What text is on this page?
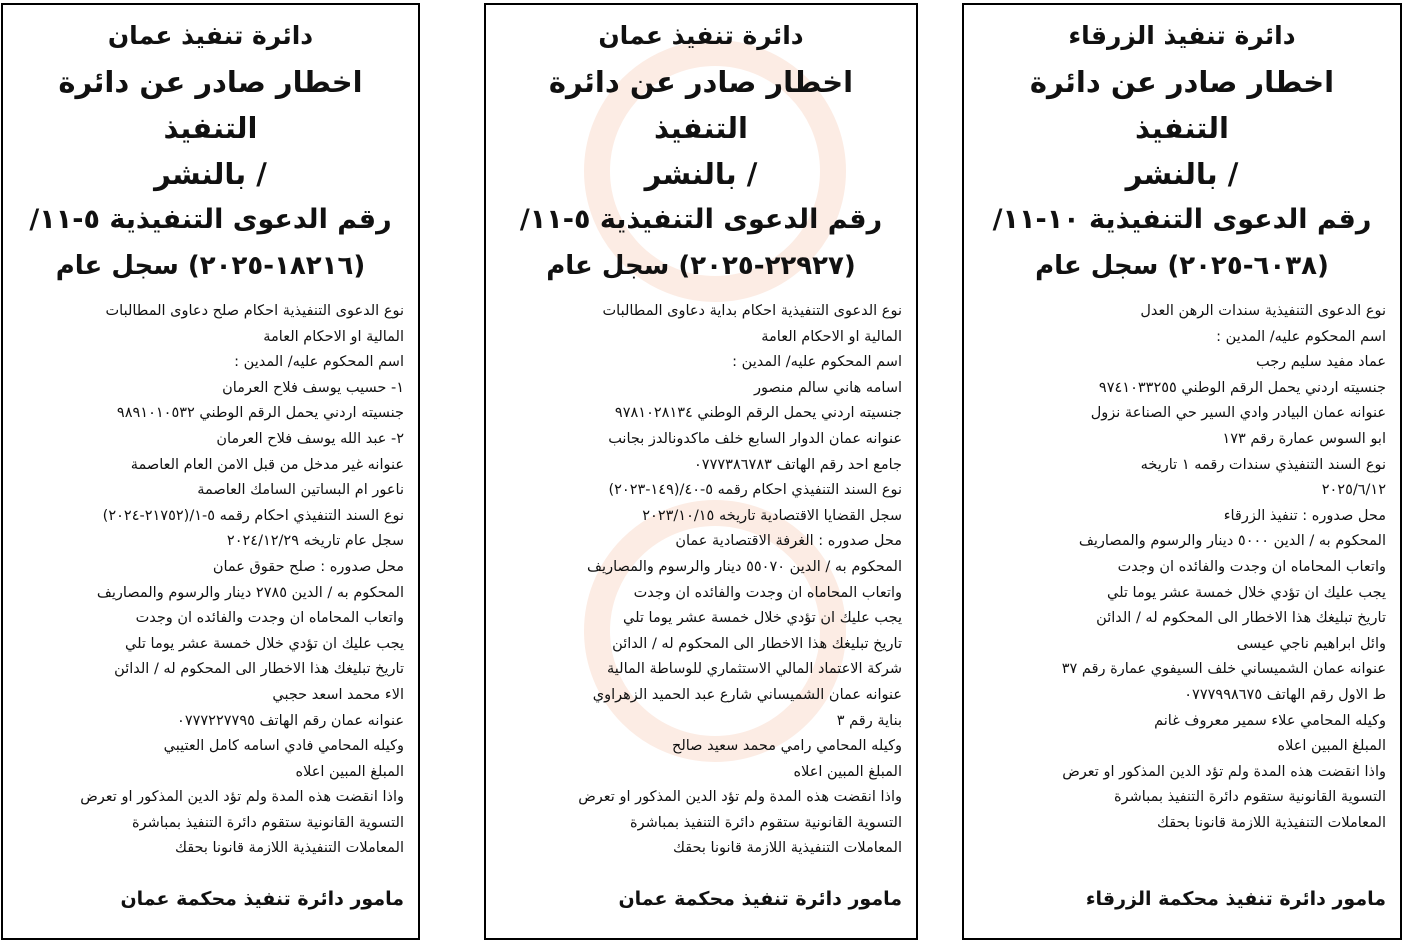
دائرة تنفيذ الزرقاء
اخطار صادر عن دائرة التنفيذ
/ بالنشر
رقم الدعوى التنفيذية ١٠-١١/
(٦٠٣٨-٢٠٢٥) سجل عام

نوع الدعوى التنفيذية سندات الرهن العدل

اسم المحكوم عليه/ المدين :

عماد مفيد سليم رجب

جنسيته اردني يحمل الرقم الوطني ٩٧٤١٠٣٣٢٥٥

عنوانه عمان البيادر وادي السير حي الصناعة نزول

ابو السوس عمارة رقم ١٧٣

نوع السند التنفيذي سندات رقمه ١ تاريخه

٢٠٢٥/٦/١٢

محل صدوره : تنفيذ الزرقاء

المحكوم به / الدين ٥٠٠٠ دينار والرسوم والمصاريف

واتعاب المحاماه ان وجدت والفائده ان وجدت

يجب عليك ان تؤدي خلال خمسة عشر يوما تلي

تاريخ تبليغك هذا الاخطار الى المحكوم له / الدائن

وائل ابراهيم ناجي عيسى

عنوانه عمان الشميساني خلف السيفوي عمارة رقم ٣٧

ط الاول رقم الهاتف ٠٧٧٧٩٩٨٦٧٥

وكيله المحامي علاء سمير معروف غانم

المبلغ المبين اعلاه

واذا انقضت هذه المدة ولم تؤد الدين المذكور او تعرض

التسوية القانونية ستقوم دائرة التنفيذ بمباشرة

المعاملات التنفيذية اللازمة قانونا بحقك

مامور دائرة تنفيذ محكمة الزرقاء
دائرة تنفيذ عمان
اخطار صادر عن دائرة التنفيذ
/ بالنشر
رقم الدعوى التنفيذية ٥-١١/
(٢٢٩٢٧-٢٠٢٥) سجل عام

نوع الدعوى التنفيذية احكام بداية دعاوى المطالبات

المالية او الاحكام العامة

اسم المحكوم عليه/ المدين :

اسامه هاني سالم منصور

جنسيته اردني يحمل الرقم الوطني ٩٧٨١٠٢٨١٣٤

عنوانه عمان الدوار السابع خلف ماكدونالدز بجانب

جامع احد رقم الهاتف ٠٧٧٧٣٨٦٧٨٣

نوع السند التنفيذي احكام رقمه ٥-٤٠/(١٤٩-٢٠٢٣)

سجل القضايا الاقتصادية تاريخه ٢٠٢٣/١٠/١٥

محل صدوره : الغرفة الاقتصادية عمان

المحكوم به / الدين ٥٥٠٧٠ دينار والرسوم والمصاريف

واتعاب المحاماه ان وجدت والفائده ان وجدت

يجب عليك ان تؤدي خلال خمسة عشر يوما تلي

تاريخ تبليغك هذا الاخطار الى المحكوم له / الدائن

شركة الاعتماد المالي الاستثماري للوساطة المالية

عنوانه عمان الشميساني شارع عبد الحميد الزهراوي

بناية رقم ٣

وكيله المحامي رامي محمد سعيد صالح

المبلغ المبين اعلاه

واذا انقضت هذه المدة ولم تؤد الدين المذكور او تعرض

التسوية القانونية ستقوم دائرة التنفيذ بمباشرة

المعاملات التنفيذية اللازمة قانونا بحقك

مامور دائرة تنفيذ محكمة عمان
دائرة تنفيذ عمان
اخطار صادر عن دائرة التنفيذ
/ بالنشر
رقم الدعوى التنفيذية ٥-١١/
(١٨٢١٦-٢٠٢٥) سجل عام

نوع الدعوى التنفيذية احكام صلح دعاوى المطالبات

المالية او الاحكام العامة

اسم المحكوم عليه/ المدين :

١- حسيب يوسف فلاح العرمان

جنسيته اردني يحمل الرقم الوطني ٩٨٩١٠١٠٥٣٢

٢- عبد الله يوسف فلاح العرمان

عنوانه غير مدخل من قبل الامن العام العاصمة

ناعور ام البساتين السامك العاصمة

نوع السند التنفيذي احكام رقمه ٥-١/(٢١٧٥٢-٢٠٢٤)

سجل عام تاريخه ٢٠٢٤/١٢/٢٩

محل صدوره : صلح حقوق عمان

المحكوم به / الدين ٢٧٨٥ دينار والرسوم والمصاريف

واتعاب المحاماه ان وجدت والفائده ان وجدت

يجب عليك ان تؤدي خلال خمسة عشر يوما تلي

تاريخ تبليغك هذا الاخطار الى المحكوم له / الدائن

الاء محمد اسعد حجبي

عنوانه عمان رقم الهاتف ٠٧٧٧٢٢٧٧٩٥

وكيله المحامي فادي اسامه كامل العتيبي

المبلغ المبين اعلاه

واذا انقضت هذه المدة ولم تؤد الدين المذكور او تعرض

التسوية القانونية ستقوم دائرة التنفيذ بمباشرة

المعاملات التنفيذية اللازمة قانونا بحقك

مامور دائرة تنفيذ محكمة عمان
